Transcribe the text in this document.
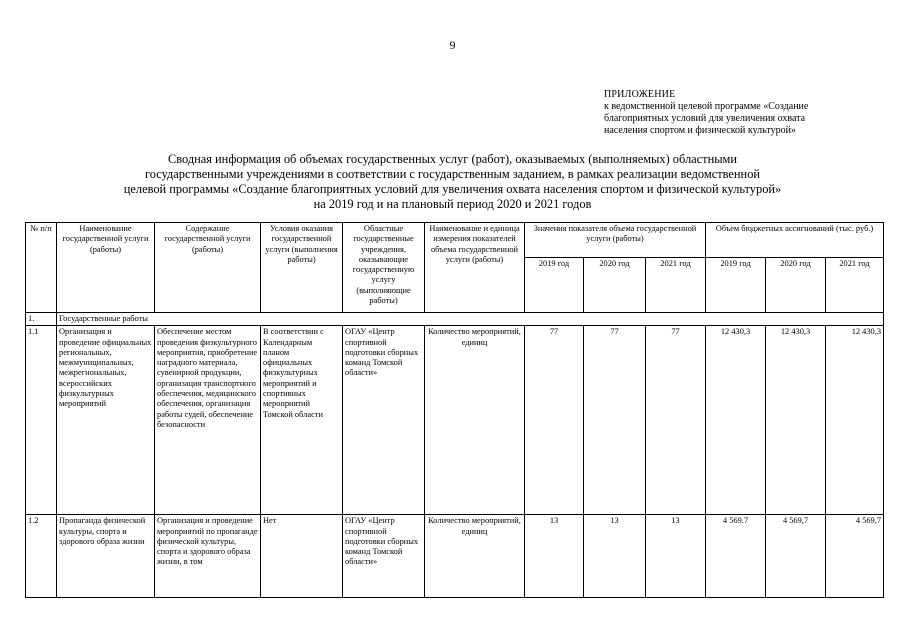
9
ПРИЛОЖЕНИЕ
к ведомственной целевой программе «Создание
благоприятных условий для увеличения охвата
населения спортом и физической культурой»
Сводная информация об объемах государственных услуг (работ), оказываемых (выполняемых) областными
государственными учреждениями в соответствии с государственным заданием, в рамках реализации ведомственной
целевой программы «Создание благоприятных условий для увеличения охвата населения спортом и физической культурой»
на 2019 год и на плановый период 2020 и 2021 годов
№ п/п	Наименование государственной услуги (работы)	Содержание государственной услуги (работы)	Условия оказания государственной услуги (выполнения работы)	Областные государственные учреждения, оказывающие государственную услугу (выполняющие работы)	Наименование и единица измерения показателей объема государственной услуги (работы)	Значения показателя объема государственной услуги (работы)			Объем бюджетных ассигнований (тыс. руб.)		
						2019 год	2020 год	2021 год	2019 год	2020 год	2021 год
1.	Государственные работы										
1.1	Организация и проведение официальных региональных, межмуниципальных, межрегиональных, всероссийских физкультурных мероприятий	Обеспечение местом проведения физкультурного мероприятия, приобретение наградного материала, сувенирной продукции, организация транспортного обеспечения, медицинского обеспечения, организация работы судей, обеспечение безопасности	В соответствии с Календарным планом официальных физкультурных мероприятий и спортивных мероприятий Томской области	ОГАУ «Центр спортивной подготовки сборных команд Томской области»	Количество мероприятий, единиц	77	77	77	12 430,3	12 430,3	12 430,3
1.2	Пропаганда физической культуры, спорта и здорового образа жизни	Организация и проведение мероприятий по пропаганде физической культуры, спорта и здорового образа жизни, в том	Нет	ОГАУ «Центр спортивной подготовки сборных команд Томской области»	Количество мероприятий, единиц	13	13	13	4 569.7	4 569,7	4 569,7
